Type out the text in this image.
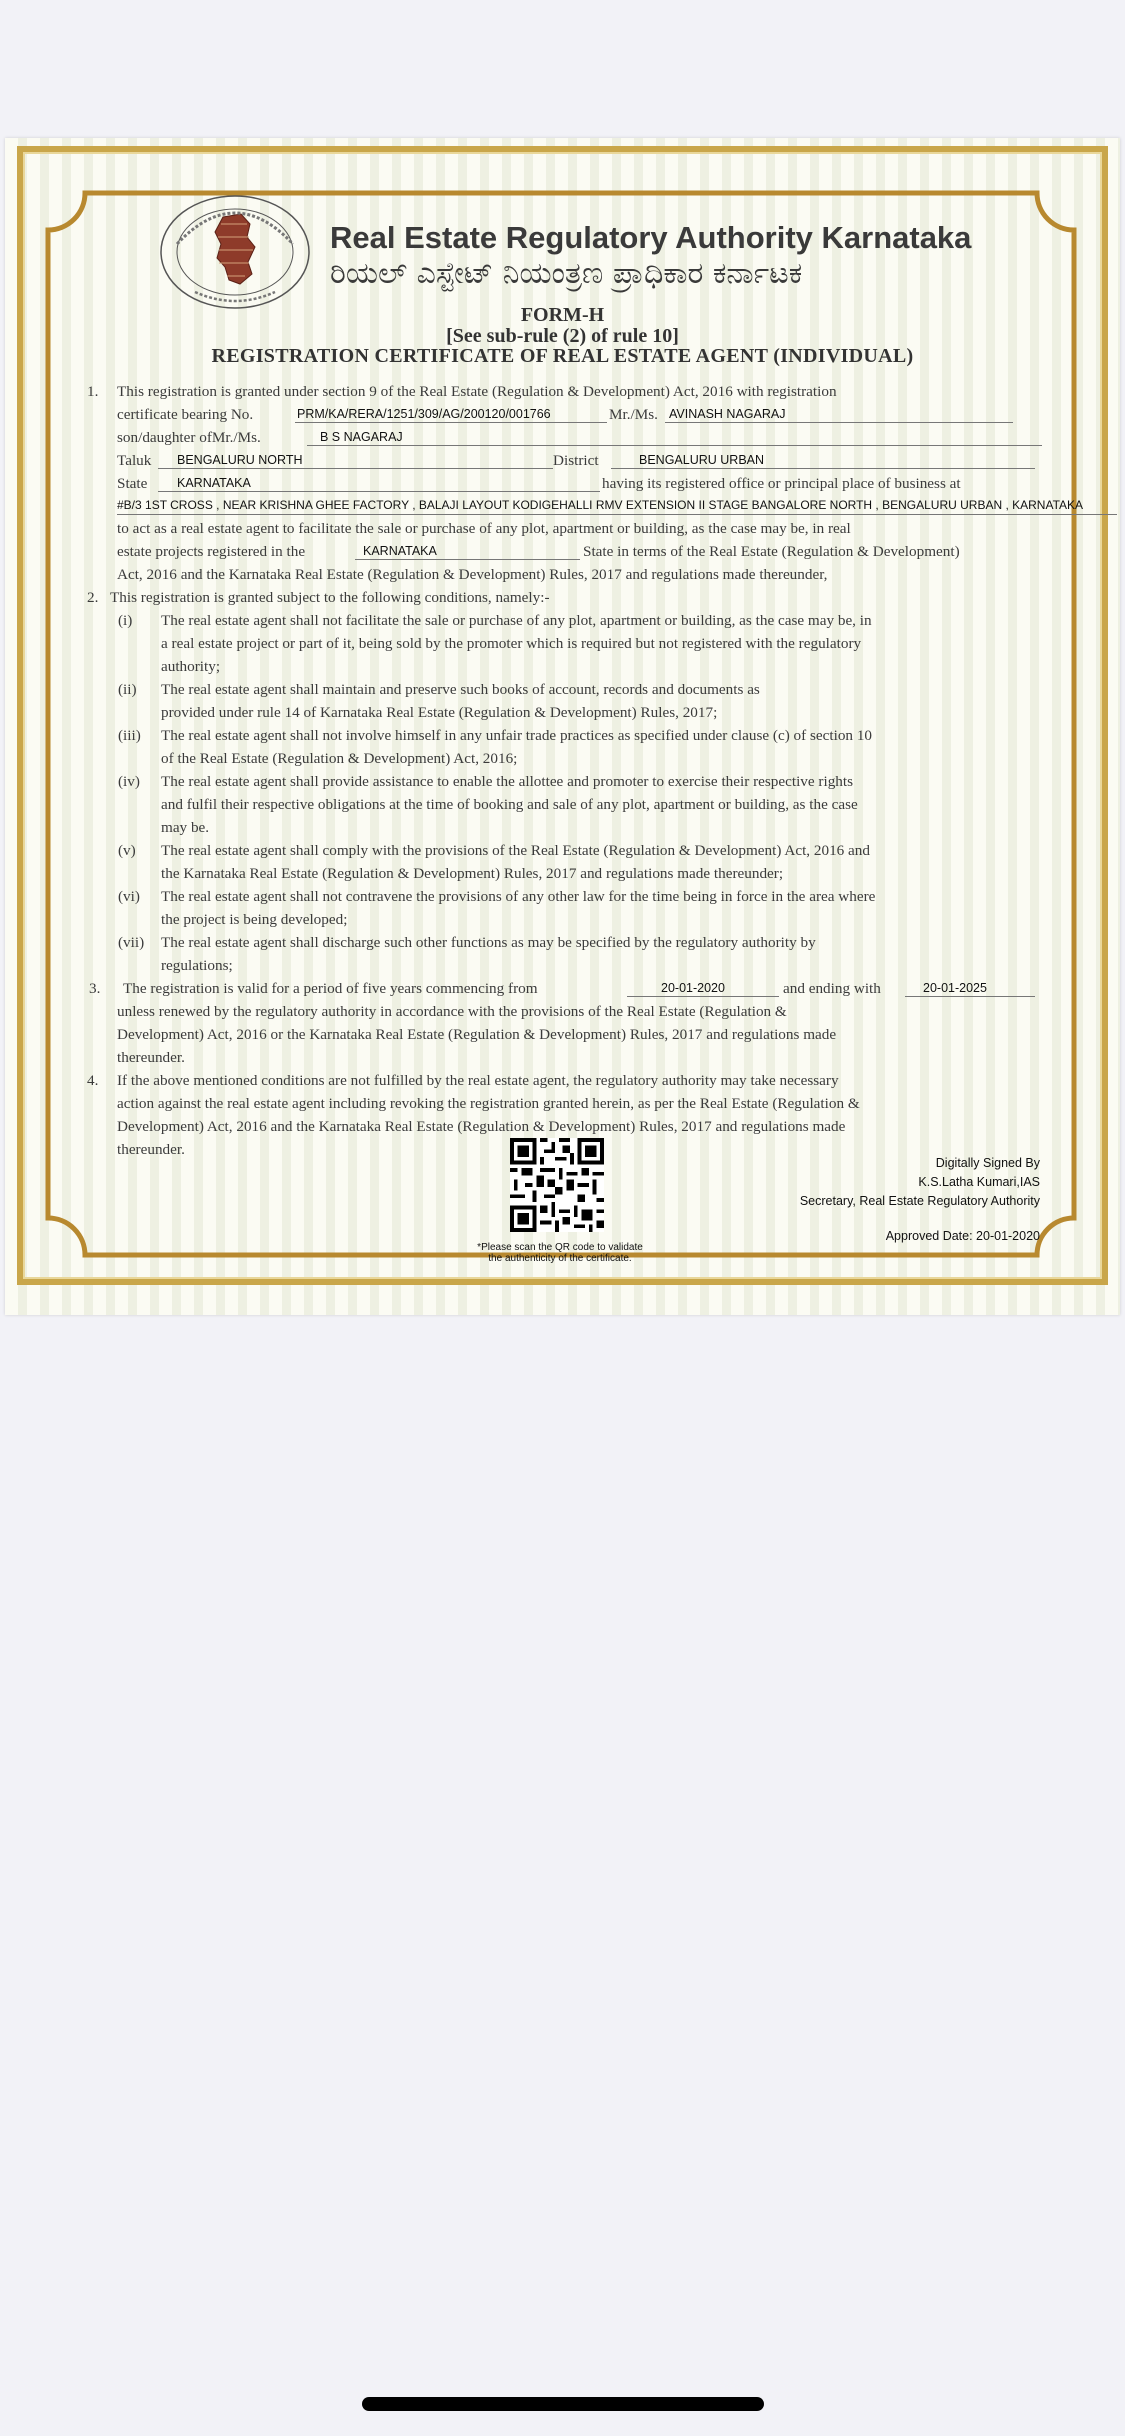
Real Estate Regulatory Authority Karnataka
ರಿಯಲ್ ಎಸ್ಟೇಟ್ ನಿಯಂತ್ರಣ ಪ್ರಾಧಿಕಾರ ಕರ್ನಾಟಕ
FORM-H
[See sub-rule (2) of rule 10]
REGISTRATION CERTIFICATE OF REAL ESTATE AGENT (INDIVIDUAL)
1. This registration is granted under section 9 of the Real Estate (Regulation & Development) Act, 2016 with registration
certificate bearing No.	PRM/KA/RERA/1251/309/AG/200120/001766	Mr./Ms. AVINASH NAGARAJ
son/daughter ofMr./Ms.	B S NAGARAJ
Taluk BENGALURU NORTH	District	BENGALURU URBAN
State KARNATAKA	having its registered office or principal place of business at
#B/3 1ST CROSS , NEAR KRISHNA GHEE FACTORY , BALAJI LAYOUT KODIGEHALLI RMV EXTENSION II STAGE BANGALORE NORTH , BENGALURU URBAN , KARNATAKA
to act as a real estate agent to facilitate the sale or purchase of any plot, apartment or building, as the case may be, in real
estate projects registered in the	KARNATAKA	State in terms of the Real Estate (Regulation & Development)
Act, 2016 and the Karnataka Real Estate (Regulation & Development) Rules, 2017 and regulations made thereunder,
2. This registration is granted subject to the following conditions, namely:-
(i) The real estate agent shall not facilitate the sale or purchase of any plot, apartment or building, as the case may be, in
a real estate project or part of it, being sold by the promoter which is required but not registered with the regulatory
authority;
(ii) The real estate agent shall maintain and preserve such books of account, records and documents as
provided under rule 14 of Karnataka Real Estate (Regulation & Development) Rules, 2017;
(iii) The real estate agent shall not involve himself in any unfair trade practices as specified under clause (c) of section 10
of the Real Estate (Regulation & Development) Act, 2016;
(iv) The real estate agent shall provide assistance to enable the allottee and promoter to exercise their respective rights
and fulfil their respective obligations at the time of booking and sale of any plot, apartment or building, as the case
may be.
(v) The real estate agent shall comply with the provisions of the Real Estate (Regulation & Development) Act, 2016 and
the Karnataka Real Estate (Regulation & Development) Rules, 2017 and regulations made thereunder;
(vi) The real estate agent shall not contravene the provisions of any other law for the time being in force in the area where
the project is being developed;
(vii) The real estate agent shall discharge such other functions as may be specified by the regulatory authority by
regulations;
3. The registration is valid for a period of five years commencing from	20-01-2020	and ending with	20-01-2025
unless renewed by the regulatory authority in accordance with the provisions of the Real Estate (Regulation &
Development) Act, 2016 or the Karnataka Real Estate (Regulation & Development) Rules, 2017 and regulations made
thereunder.
4. If the above mentioned conditions are not fulfilled by the real estate agent, the regulatory authority may take necessary
action against the real estate agent including revoking the registration granted herein, as per the Real Estate (Regulation &
Development) Act, 2016 and the Karnataka Real Estate (Regulation & Development) Rules, 2017 and regulations made
thereunder.
*Please scan the QR code to validate
the authenticity of the certificate.
Digitally Signed By
K.S.Latha Kumari,IAS
Secretary, Real Estate Regulatory Authority
Approved Date: 20-01-2020
